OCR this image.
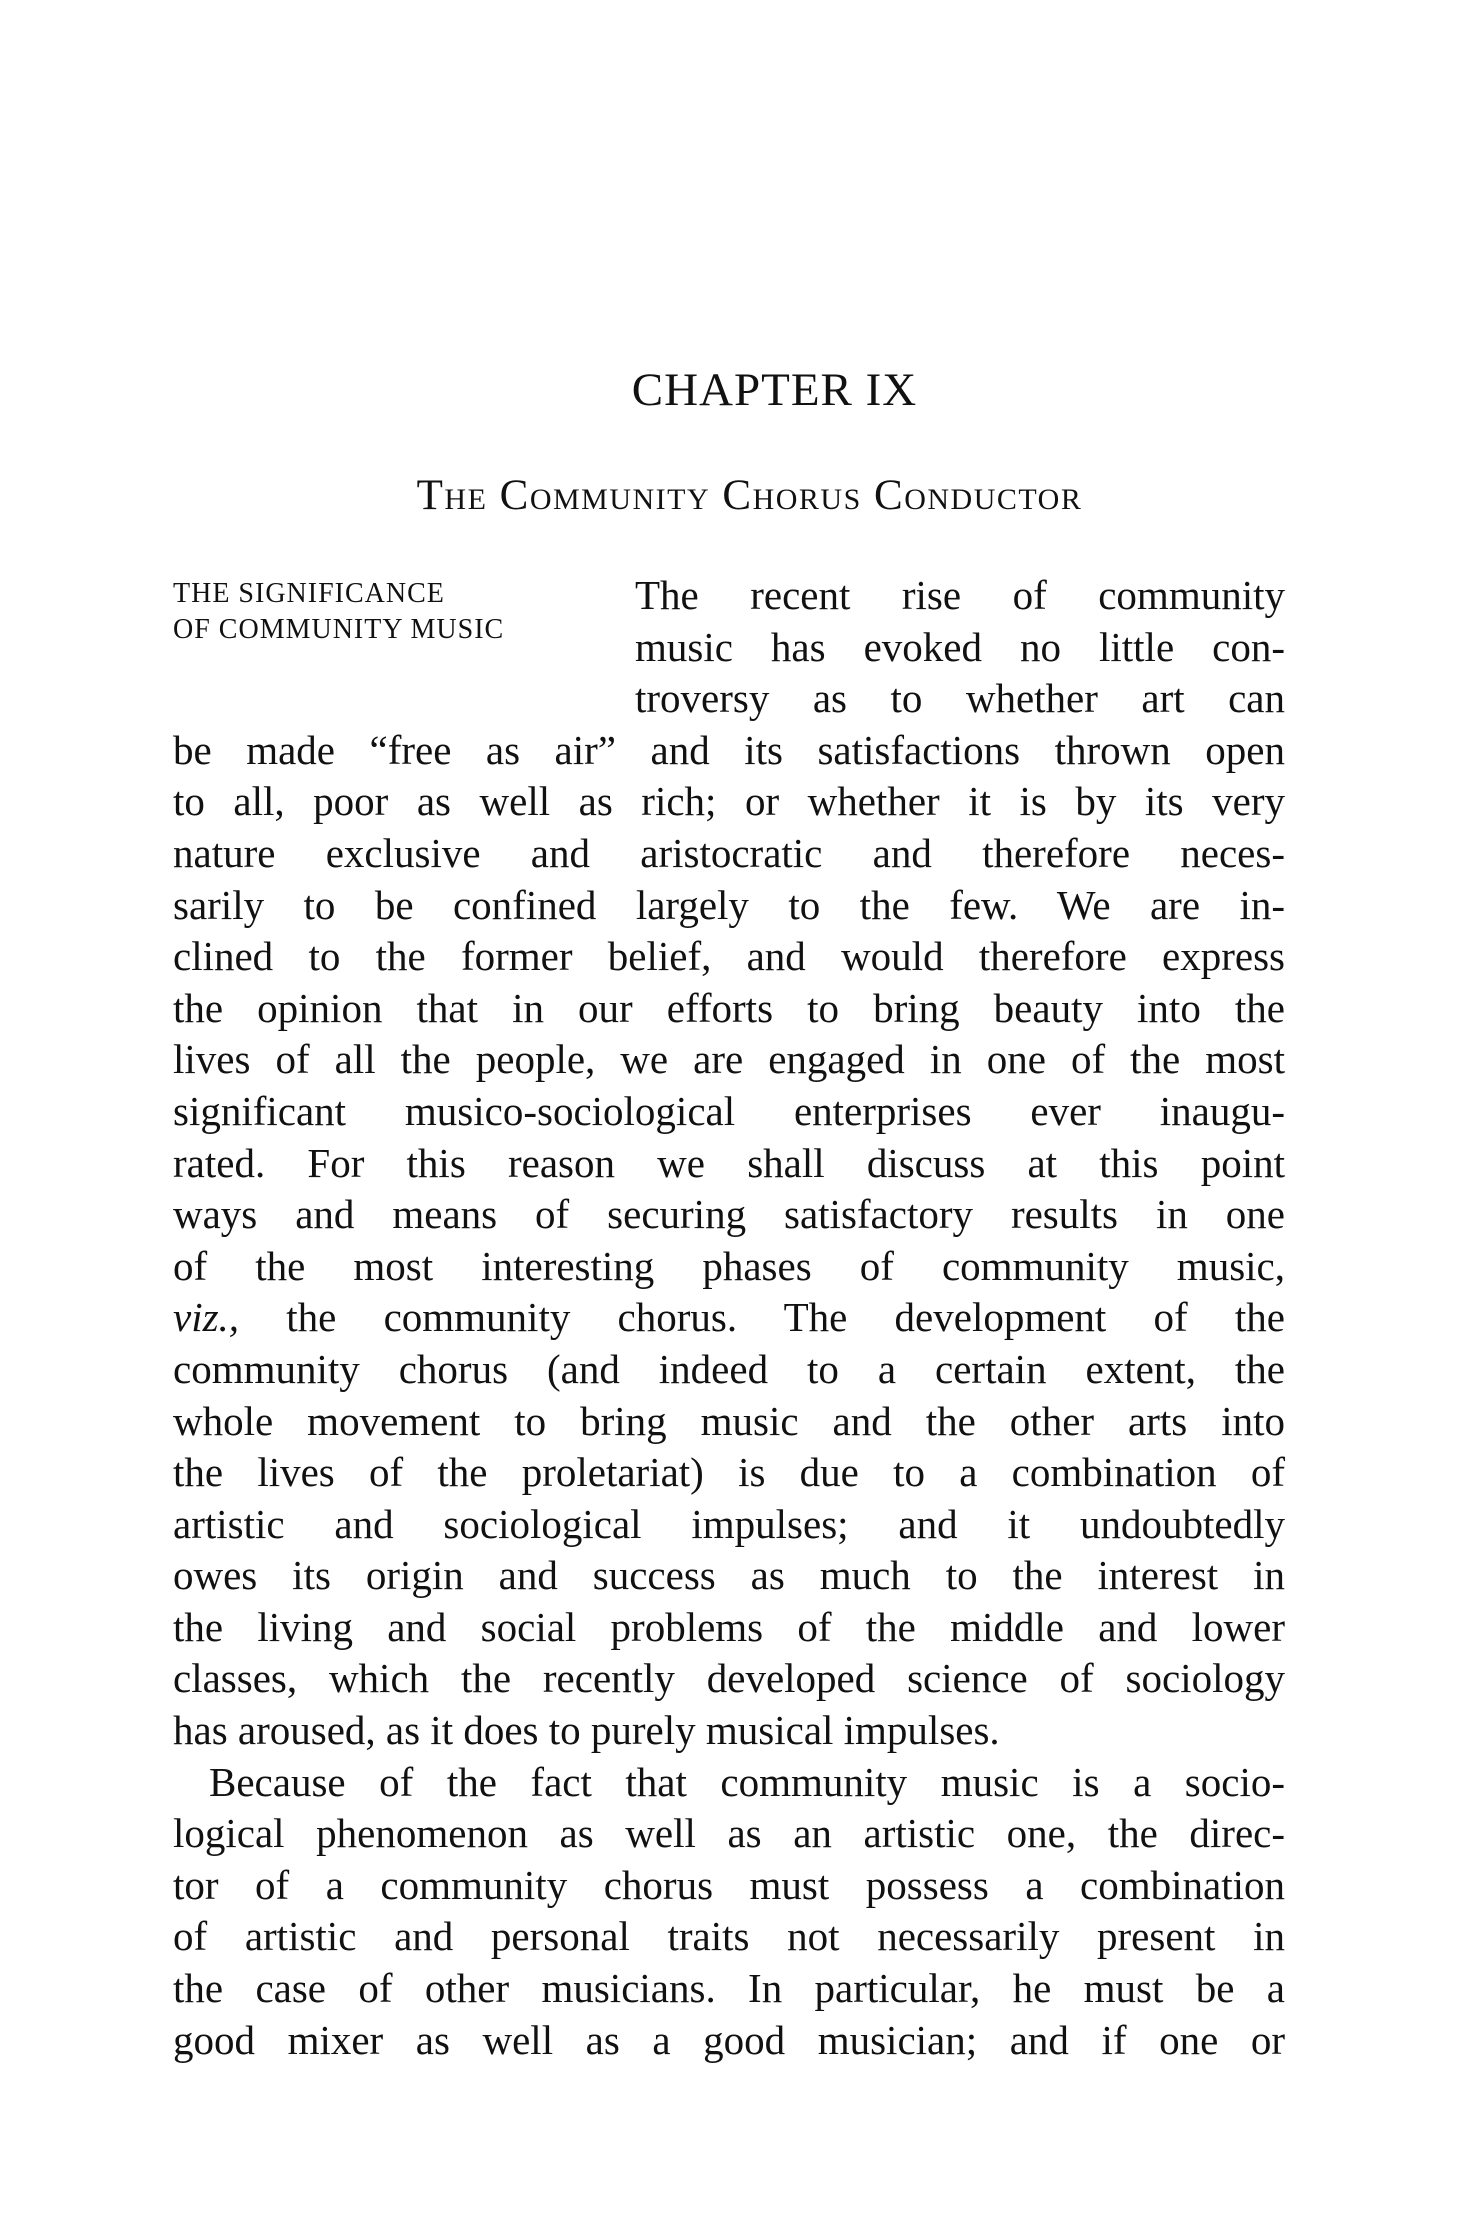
CHAPTER IX
The Community Chorus Conductor
THE SIGNIFICANCE
OF COMMUNITY MUSIC
The recent rise of community
music has evoked no little con-
troversy as to whether art can
be made “free as air” and its satisfactions thrown open
to all, poor as well as rich; or whether it is by its very
nature exclusive and aristocratic and therefore neces-
sarily to be confined largely to the few. We are in-
clined to the former belief, and would therefore express
the opinion that in our efforts to bring beauty into the
lives of all the people, we are engaged in one of the most
significant musico-sociological enterprises ever inaugu-
rated. For this reason we shall discuss at this point
ways and means of securing satisfactory results in one
of the most interesting phases of community music,
viz., the community chorus. The development of the
community chorus (and indeed to a certain extent, the
whole movement to bring music and the other arts into
the lives of the proletariat) is due to a combination of
artistic and sociological impulses; and it undoubtedly
owes its origin and success as much to the interest in
the living and social problems of the middle and lower
classes, which the recently developed science of sociology
has aroused, as it does to purely musical impulses.
Because of the fact that community music is a socio-
logical phenomenon as well as an artistic one, the direc-
tor of a community chorus must possess a combination
of artistic and personal traits not necessarily present in
the case of other musicians. In particular, he must be a
good mixer as well as a good musician; and if one or
